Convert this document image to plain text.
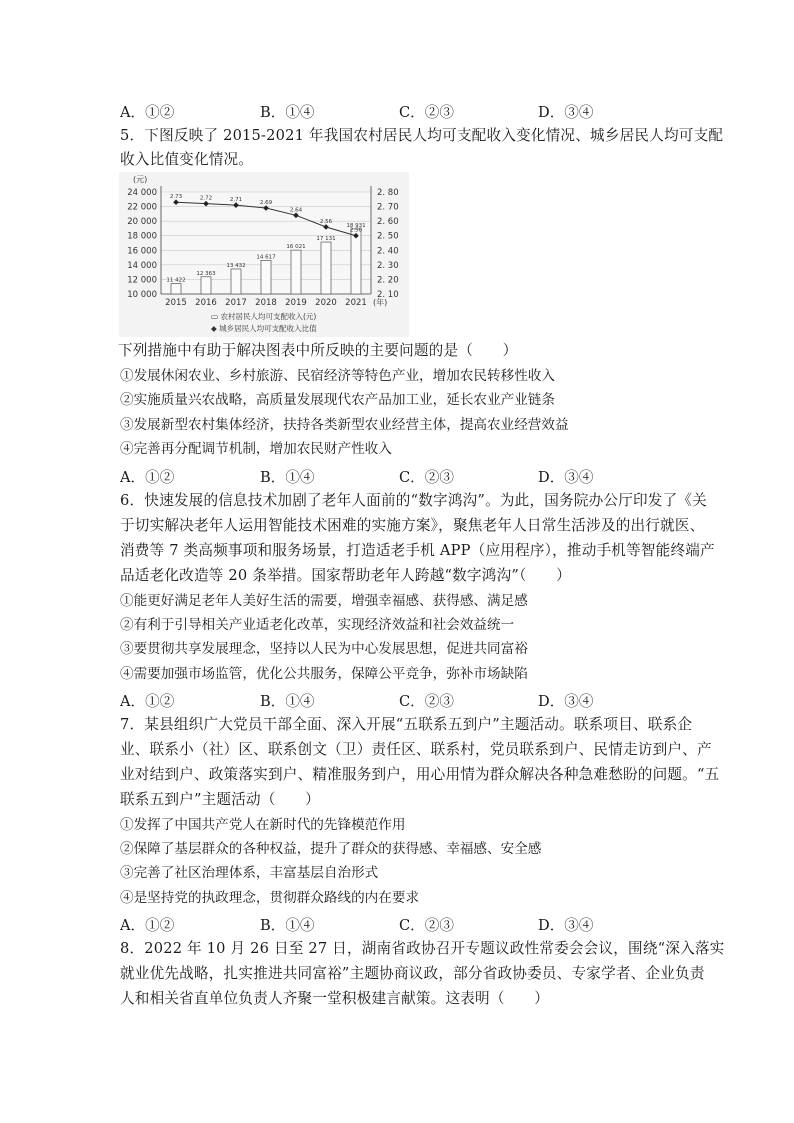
A．①②	B．①④	C．②③	D．③④
5．下图反映了 2015-2021 年我国农村居民人均可支配收入变化情况、城乡居民人均可支配
收入比值变化情况。
24 000
22 000
20 000
18 000
16 000
14 000
12 000
10 000
2. 80
2. 70
2. 60
2. 50
2. 40
2. 30
2. 20
2. 10
(元)
11 422
2015
12 363
2016
13 432
2017
14 617
2018
16 021
2019
17 131
2020
18 931
2021 (年)
2.73	2.72	2.71	2.69
2.64
2.56
2.50
▭ 农村居民人均可支配收入(元)
◆ 城乡居民人均可支配收入比值
下列措施中有助于解决图表中所反映的主要问题的是（　　）
①发展休闲农业、乡村旅游、民宿经济等特色产业，增加农民转移性收入
②实施质量兴农战略，高质量发展现代农产品加工业，延长农业产业链条
③发展新型农村集体经济，扶持各类新型农业经营主体，提高农业经营效益
④完善再分配调节机制，增加农民财产性收入
A．①②	B．①④	C．②③	D．③④
6．快速发展的信息技术加剧了老年人面前的“数字鸿沟”。为此，国务院办公厅印发了《关
于切实解决老年人运用智能技术困难的实施方案》，聚焦老年人日常生活涉及的出行就医、
消费等 7 类高频事项和服务场景，打造适老手机 APP（应用程序），推动手机等智能终端产
品适老化改造等 20 条举措。国家帮助老年人跨越“数字鸿沟”（　　）
①能更好满足老年人美好生活的需要，增强幸福感、获得感、满足感
②有利于引导相关产业适老化改革，实现经济效益和社会效益统一
③要贯彻共享发展理念，坚持以人民为中心发展思想，促进共同富裕
④需要加强市场监管，优化公共服务，保障公平竞争，弥补市场缺陷
A．①②	B．①④	C．②③	D．③④
7．某县组织广大党员干部全面、深入开展“五联系五到户”主题活动。联系项目、联系企
业、联系小（社）区、联系创文（卫）责任区、联系村，党员联系到户、民情走访到户、产
业对结到户、政策落实到户、精准服务到户，用心用情为群众解决各种急难愁盼的问题。“五
联系五到户”主题活动（　　）
①发挥了中国共产党人在新时代的先锋模范作用
②保障了基层群众的各种权益，提升了群众的获得感、幸福感、安全感
③完善了社区治理体系，丰富基层自治形式
④是坚持党的执政理念，贯彻群众路线的内在要求
A．①②	B．①④	C．②③	D．③④
8．2022 年 10 月 26 日至 27 日，湖南省政协召开专题议政性常委会会议，围绕“深入落实
就业优先战略，扎实推进共同富裕”主题协商议政，部分省政协委员、专家学者、企业负责
人和相关省直单位负责人齐聚一堂积极建言献策。这表明（　　）
